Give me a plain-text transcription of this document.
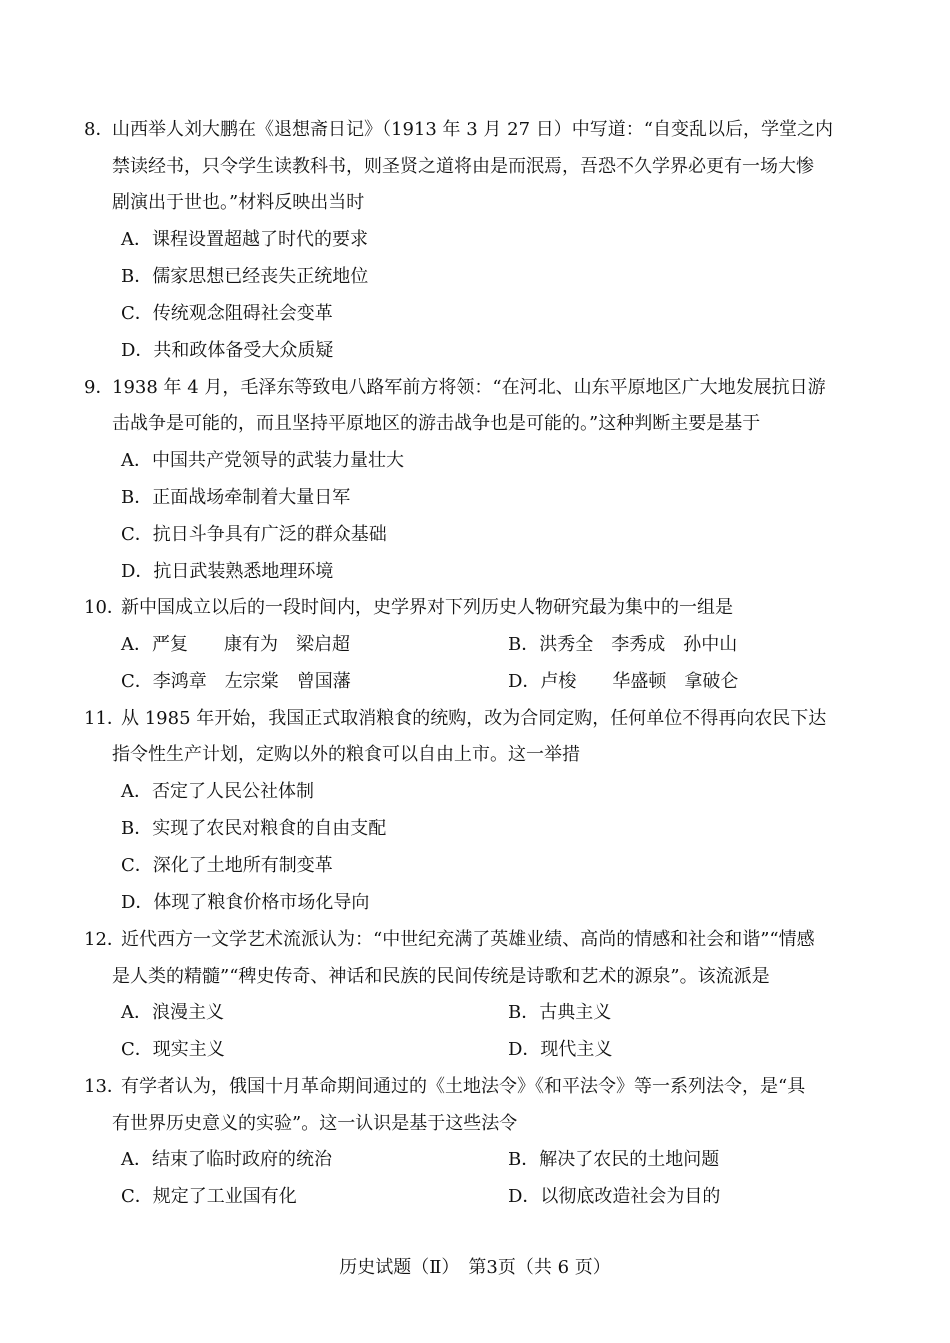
8．
山西举人刘大鹏在《退想斋日记》（1913 年 3 月 27 日）中写道：“自变乱以后，学堂之内
禁读经书，只令学生读教科书，则圣贤之道将由是而泯焉，吾恐不久学界必更有一场大惨
剧演出于世也。”材料反映出当时
A．课程设置超越了时代的要求
B．儒家思想已经丧失正统地位
C．传统观念阻碍社会变革
D．共和政体备受大众质疑
9．
1938 年 4 月，毛泽东等致电八路军前方将领：“在河北、山东平原地区广大地发展抗日游
击战争是可能的，而且坚持平原地区的游击战争也是可能的。”这种判断主要是基于
A．中国共产党领导的武装力量壮大
B．正面战场牵制着大量日军
C．抗日斗争具有广泛的群众基础
D．抗日武装熟悉地理环境
10．
新中国成立以后的一段时间内，史学界对下列历史人物研究最为集中的一组是
A．严复　　康有为　梁启超	B．洪秀全　李秀成　孙中山
C．李鸿章　左宗棠　曾国藩	D．卢梭　　华盛顿　拿破仑
11．
从 1985 年开始，我国正式取消粮食的统购，改为合同定购，任何单位不得再向农民下达
指令性生产计划，定购以外的粮食可以自由上市。这一举措
A．否定了人民公社体制
B．实现了农民对粮食的自由支配
C．深化了土地所有制变革
D．体现了粮食价格市场化导向
12．
近代西方一文学艺术流派认为：“中世纪充满了英雄业绩、高尚的情感和社会和谐”“情感
是人类的精髓”“稗史传奇、神话和民族的民间传统是诗歌和艺术的源泉”。该流派是
A．浪漫主义	B．古典主义
C．现实主义	D．现代主义
13．
有学者认为，俄国十月革命期间通过的《土地法令》《和平法令》等一系列法令，是“具
有世界历史意义的实验”。这一认识是基于这些法令
A．结束了临时政府的统治	B．解决了农民的土地问题
C．规定了工业国有化	D．以彻底改造社会为目的
历史试题（Ⅱ）　第3页（共 6 页）
